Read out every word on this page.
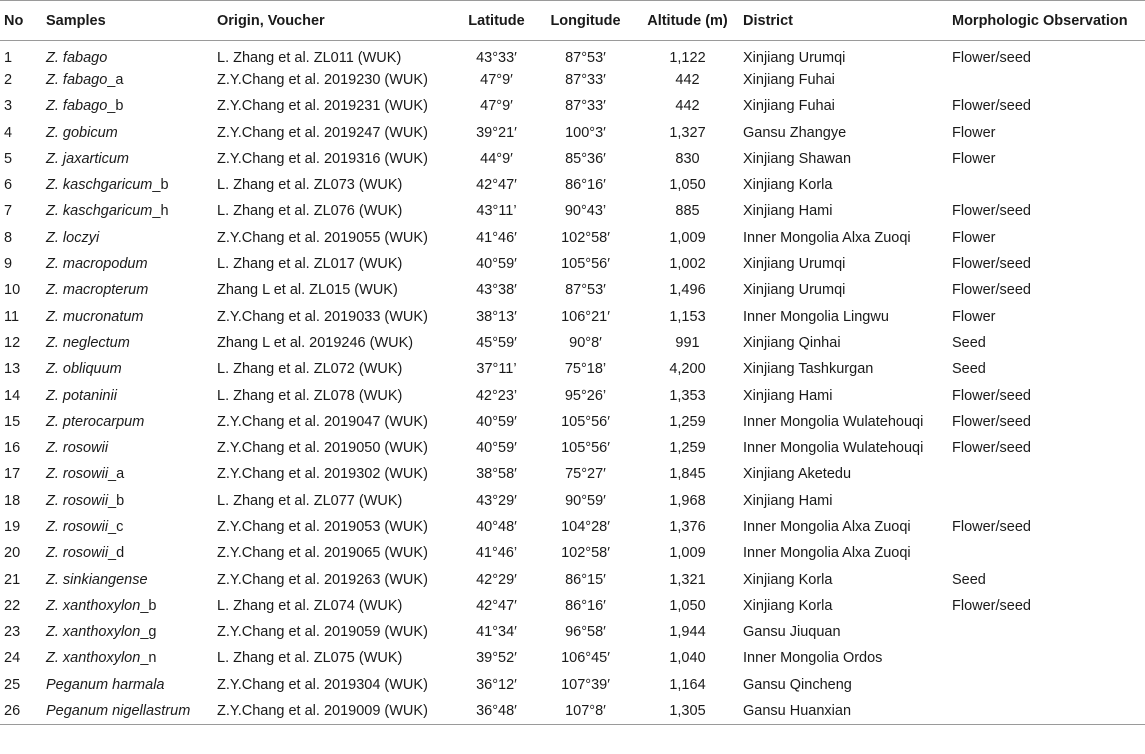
No	Samples	Origin, Voucher	Latitude	Longitude	Altitude (m)	District	Morphologic Observation
1	Z. fabago	L. Zhang et al. ZL011 (WUK)	43°33′	87°53′	1,122	Xinjiang Urumqi	Flower/seed
2	Z. fabago_a	Z.Y.Chang et al. 2019230 (WUK)	47°9′	87°33′	442	Xinjiang Fuhai	
3	Z. fabago_b	Z.Y.Chang et al. 2019231 (WUK)	47°9′	87°33′	442	Xinjiang Fuhai	Flower/seed
4	Z. gobicum	Z.Y.Chang et al. 2019247 (WUK)	39°21′	100°3′	1,327	Gansu Zhangye	Flower
5	Z. jaxarticum	Z.Y.Chang et al. 2019316 (WUK)	44°9′	85°36′	830	Xinjiang Shawan	Flower
6	Z. kaschgaricum_b	L. Zhang et al. ZL073 (WUK)	42°47′	86°16′	1,050	Xinjiang Korla	
7	Z. kaschgaricum_h	L. Zhang et al. ZL076 (WUK)	43°11’	90°43’	885	Xinjiang Hami	Flower/seed
8	Z. loczyi	Z.Y.Chang et al. 2019055 (WUK)	41°46′	102°58′	1,009	Inner Mongolia Alxa Zuoqi	Flower
9	Z. macropodum	L. Zhang et al. ZL017 (WUK)	40°59′	105°56′	1,002	Xinjiang Urumqi	Flower/seed
10	Z. macropterum	Zhang L et al. ZL015 (WUK)	43°38′	87°53′	1,496	Xinjiang Urumqi	Flower/seed
11	Z. mucronatum	Z.Y.Chang et al. 2019033 (WUK)	38°13′	106°21′	1,153	Inner Mongolia Lingwu	Flower
12	Z. neglectum	Zhang L et al. 2019246 (WUK)	45°59′	90°8′	991	Xinjiang Qinhai	Seed
13	Z. obliquum	L. Zhang et al. ZL072 (WUK)	37°11’	75°18’	4,200	Xinjiang Tashkurgan	Seed
14	Z. potaninii	L. Zhang et al. ZL078 (WUK)	42°23’	95°26’	1,353	Xinjiang Hami	Flower/seed
15	Z. pterocarpum	Z.Y.Chang et al. 2019047 (WUK)	40°59′	105°56′	1,259	Inner Mongolia Wulatehouqi	Flower/seed
16	Z. rosowii	Z.Y.Chang et al. 2019050 (WUK)	40°59′	105°56′	1,259	Inner Mongolia Wulatehouqi	Flower/seed
17	Z. rosowii_a	Z.Y.Chang et al. 2019302 (WUK)	38°58′	75°27′	1,845	Xinjiang Aketedu	
18	Z. rosowii_b	L. Zhang et al. ZL077 (WUK)	43°29′	90°59′	1,968	Xinjiang Hami	
19	Z. rosowii_c	Z.Y.Chang et al. 2019053 (WUK)	40°48′	104°28′	1,376	Inner Mongolia Alxa Zuoqi	Flower/seed
20	Z. rosowii_d	Z.Y.Chang et al. 2019065 (WUK)	41°46’	102°58′	1,009	Inner Mongolia Alxa Zuoqi	
21	Z. sinkiangense	Z.Y.Chang et al. 2019263 (WUK)	42°29′	86°15′	1,321	Xinjiang Korla	Seed
22	Z. xanthoxylon_b	L. Zhang et al. ZL074 (WUK)	42°47′	86°16′	1,050	Xinjiang Korla	Flower/seed
23	Z. xanthoxylon_g	Z.Y.Chang et al. 2019059 (WUK)	41°34′	96°58′	1,944	Gansu Jiuquan	
24	Z. xanthoxylon_n	L. Zhang et al. ZL075 (WUK)	39°52′	106°45′	1,040	Inner Mongolia Ordos	
25	Peganum harmala	Z.Y.Chang et al. 2019304 (WUK)	36°12′	107°39′	1,164	Gansu Qincheng	
26	Peganum nigellastrum	Z.Y.Chang et al. 2019009 (WUK)	36°48′	107°8′	1,305	Gansu Huanxian	
